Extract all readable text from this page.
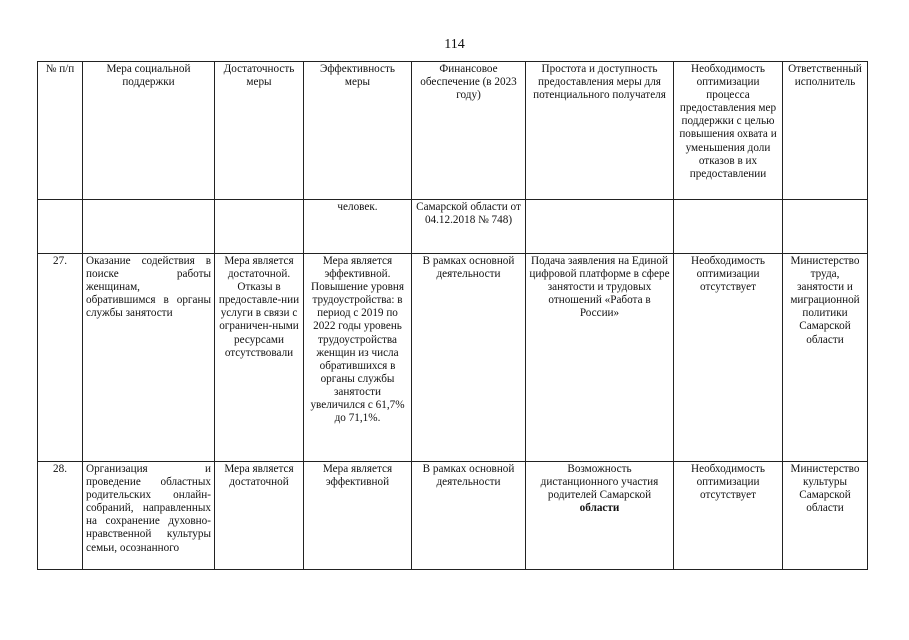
114
№ п/п	Мера социальной поддержки	Достаточность меры	Эффективность меры	Финансовое обеспечение (в 2023 году)	Простота и доступность предоставления меры для потенциального получателя	Необходимость оптимизации процесса предоставления мер поддержки с целью повышения охвата и уменьшения доли отказов в их предоставлении	Ответственный исполнитель
			человек.	Самарской области от 04.12.2018 № 748)			
27.	Оказание содействия в поиске работы женщинам, обратившимся в органы службы занятости	Мера является достаточной. Отказы в предоставле-нии услуги в связи с ограничен-ными ресурсами отсутствовали	Мера является эффективной. Повышение уровня трудоустройства: в период с 2019 по 2022 годы уровень трудоустройства женщин из числа обратившихся в органы службы занятости увеличился с 61,7% до 71,1%.	В рамках основной деятельности	Подача заявления на Единой цифровой платформе в сфере занятости и трудовых отношений «Работа в России»	Необходимость оптимизации отсутствует	Министерство труда, занятости и миграционной политики Самарской области
28.	Организация и проведение областных родительских онлайн-собраний, направленных на сохранение духовно-нравственной культуры семьи, осознанного	Мера является достаточной	Мера является эффективной	В рамках основной деятельности	Возможность дистанционного участия родителей Самарской области	Необходимость оптимизации отсутствует	Министерство культуры Самарской области
